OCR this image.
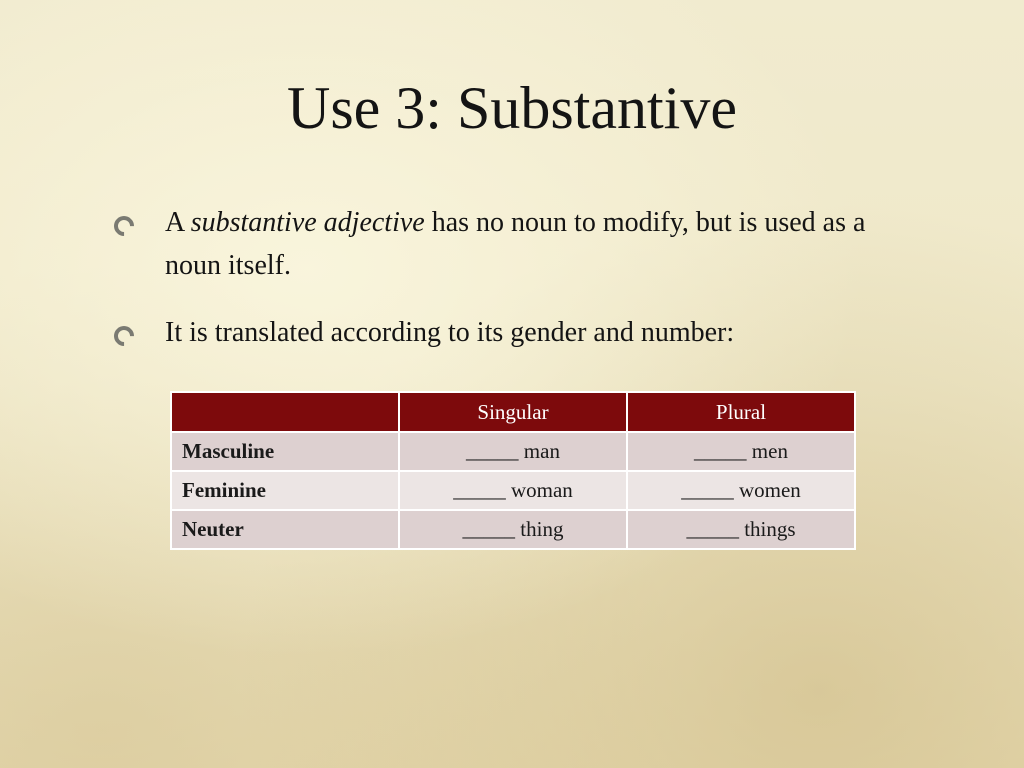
Use 3: Substantive
A substantive adjective has no noun to modify, but is used as a noun itself.
It is translated according to its gender and number:
	Singular	Plural
Masculine	_____ man	_____ men
Feminine	_____ woman	_____ women
Neuter	_____ thing	_____ things
